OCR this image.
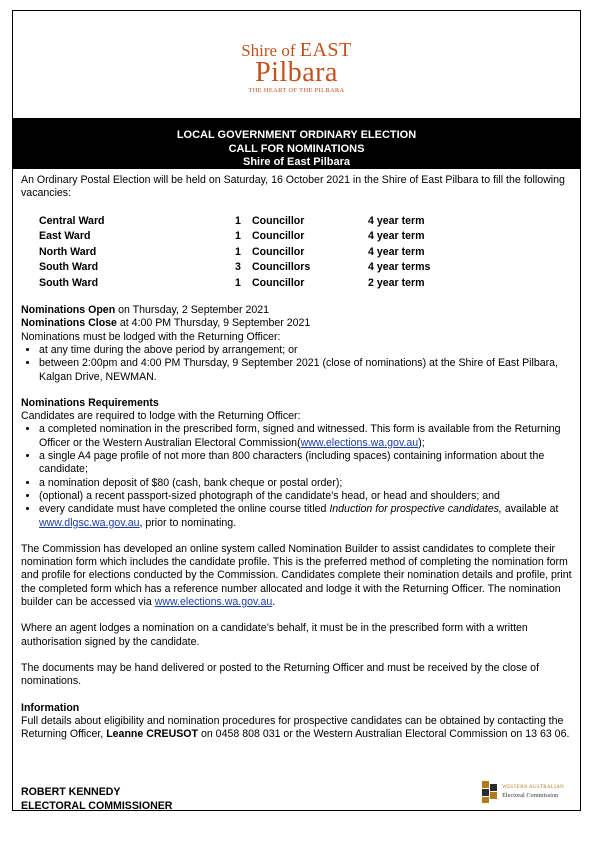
Shire of EAST
Pilbara
THE HEART OF THE PILBARA
LOCAL GOVERNMENT ORDINARY ELECTION
CALL FOR NOMINATIONS
Shire of East Pilbara

An Ordinary Postal Election will be held on Saturday, 16 October 2021 in the Shire of East Pilbara to fill the following vacancies:

Central Ward	1	Councillor	4 year term
East Ward	1	Councillor	4 year term
North Ward	1	Councillor	4 year term
South Ward	3	Councillors	4 year terms
South Ward	1	Councillor	2 year term

Nominations Open on Thursday, 2 September 2021

Nominations Close at 4:00 PM Thursday, 9 September 2021

Nominations must be lodged with the Returning Officer:

• at any time during the above period by arrangement; or
• between 2:00pm and 4:00 PM Thursday, 9 September 2021 (close of nominations) at the Shire of East Pilbara, Kalgan Drive, NEWMAN.

Nominations Requirements

Candidates are required to lodge with the Returning Officer:

• a completed nomination in the prescribed form, signed and witnessed. This form is available from the Returning Officer or the Western Australian Electoral Commission(www.elections.wa.gov.au);
• a single A4 page profile of not more than 800 characters (including spaces) containing information about the candidate;
• a nomination deposit of $80 (cash, bank cheque or postal order);
• (optional) a recent passport-sized photograph of the candidate’s head, or head and shoulders; and
• every candidate must have completed the online course titled Induction for prospective candidates, available at www.dlgsc.wa.gov.au, prior to nominating.

The Commission has developed an online system called Nomination Builder to assist candidates to complete their nomination form which includes the candidate profile. This is the preferred method of completing the nomination form and profile for elections conducted by the Commission. Candidates complete their nomination details and profile, print the completed form which has a reference number allocated and lodge it with the Returning Officer. The nomination builder can be accessed via www.elections.wa.gov.au.

Where an agent lodges a nomination on a candidate’s behalf, it must be in the prescribed form with a written authorisation signed by the candidate.

The documents may be hand delivered or posted to the Returning Officer and must be received by the close of nominations.

Information

Full details about eligibility and nomination procedures for prospective candidates can be obtained by contacting the Returning Officer, Leanne CREUSOT on 0458 808 031 or the Western Australian Electoral Commission on 13 63 06.

ROBERT KENNEDY
ELECTORAL COMMISSIONER
WESTERN AUSTRALIAN
Electoral Commission
